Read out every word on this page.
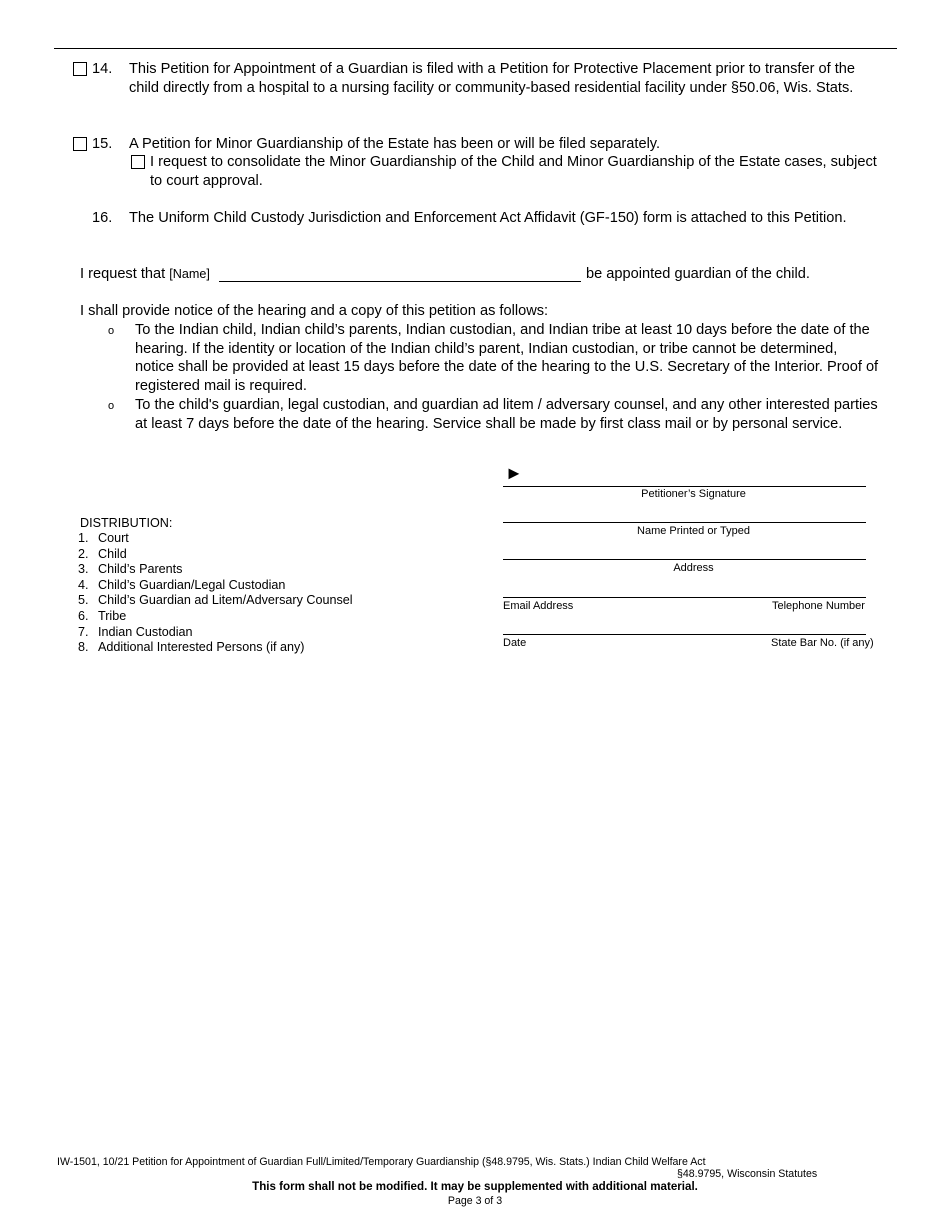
14. This Petition for Appointment of a Guardian is filed with a Petition for Protective Placement prior to transfer of the child directly from a hospital to a nursing facility or community-based residential facility under §50.06, Wis. Stats.
15. A Petition for Minor Guardianship of the Estate has been or will be filed separately.
I request to consolidate the Minor Guardianship of the Child and Minor Guardianship of the Estate cases, subject to court approval.
16. The Uniform Child Custody Jurisdiction and Enforcement Act Affidavit (GF-150) form is attached to this Petition.
I request that [Name]	be appointed guardian of the child.
I shall provide notice of the hearing and a copy of this petition as follows:
o To the Indian child, Indian child’s parents, Indian custodian, and Indian tribe at least 10 days before the date of the hearing. If the identity or location of the Indian child’s parent, Indian custodian, or tribe cannot be determined, notice shall be provided at least 15 days before the date of the hearing to the U.S. Secretary of the Interior. Proof of registered mail is required.
o To the child's guardian, legal custodian, and guardian ad litem / adversary counsel, and any other interested parties at least 7 days before the date of the hearing. Service shall be made by first class mail or by personal service.
►
Petitioner’s Signature
Name Printed or Typed
Address
Email Address	Telephone Number
Date	State Bar No. (if any)
DISTRIBUTION:
1. Court
2. Child
3. Child’s Parents
4. Child’s Guardian/Legal Custodian
5. Child’s Guardian ad Litem/Adversary Counsel
6. Tribe
7. Indian Custodian
8. Additional Interested Persons (if any)
IW-1501, 10/21 Petition for Appointment of Guardian Full/Limited/Temporary Guardianship (§48.9795, Wis. Stats.) Indian Child Welfare Act
§48.9795, Wisconsin Statutes
This form shall not be modified. It may be supplemented with additional material.
Page 3 of 3
